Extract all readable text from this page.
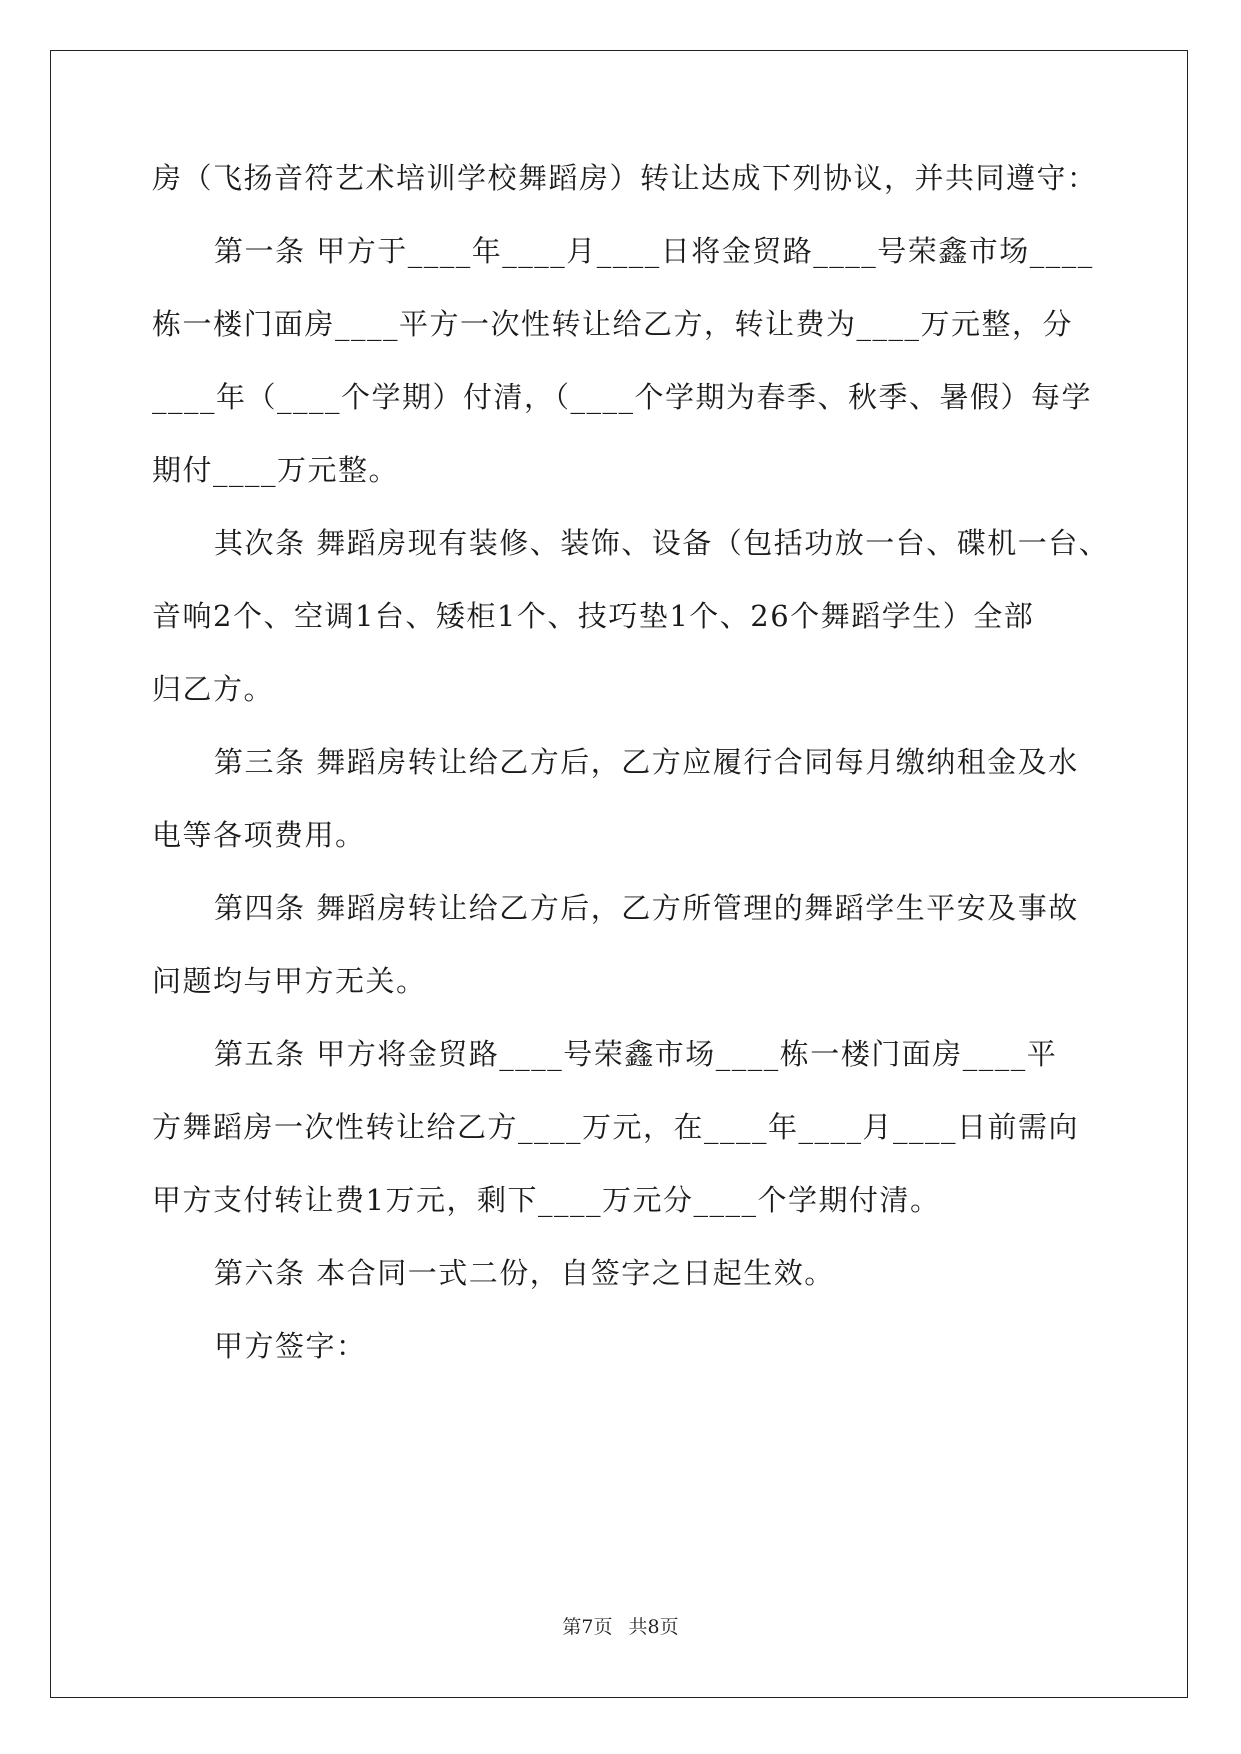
房（飞扬音符艺术培训学校舞蹈房）转让达成下列协议，并共同遵守：
第一条 甲方于____年____月____日将金贸路____号荣鑫市场____
栋一楼门面房____平方一次性转让给乙方，转让费为____万元整，分
____年（____个学期）付清，（____个学期为春季、秋季、暑假）每学
期付____万元整。
其次条 舞蹈房现有装修、装饰、设备（包括功放一台、碟机一台、
音响2个、空调1台、矮柜1个、技巧垫1个、26个舞蹈学生）全部
归乙方。
第三条 舞蹈房转让给乙方后，乙方应履行合同每月缴纳租金及水
电等各项费用。
第四条 舞蹈房转让给乙方后，乙方所管理的舞蹈学生平安及事故
问题均与甲方无关。
第五条 甲方将金贸路____号荣鑫市场____栋一楼门面房____平
方舞蹈房一次性转让给乙方____万元，在____年____月____日前需向
甲方支付转让费1万元，剩下____万元分____个学期付清。
第六条 本合同一式二份，自签字之日起生效。
甲方签字：
第7页 共8页
